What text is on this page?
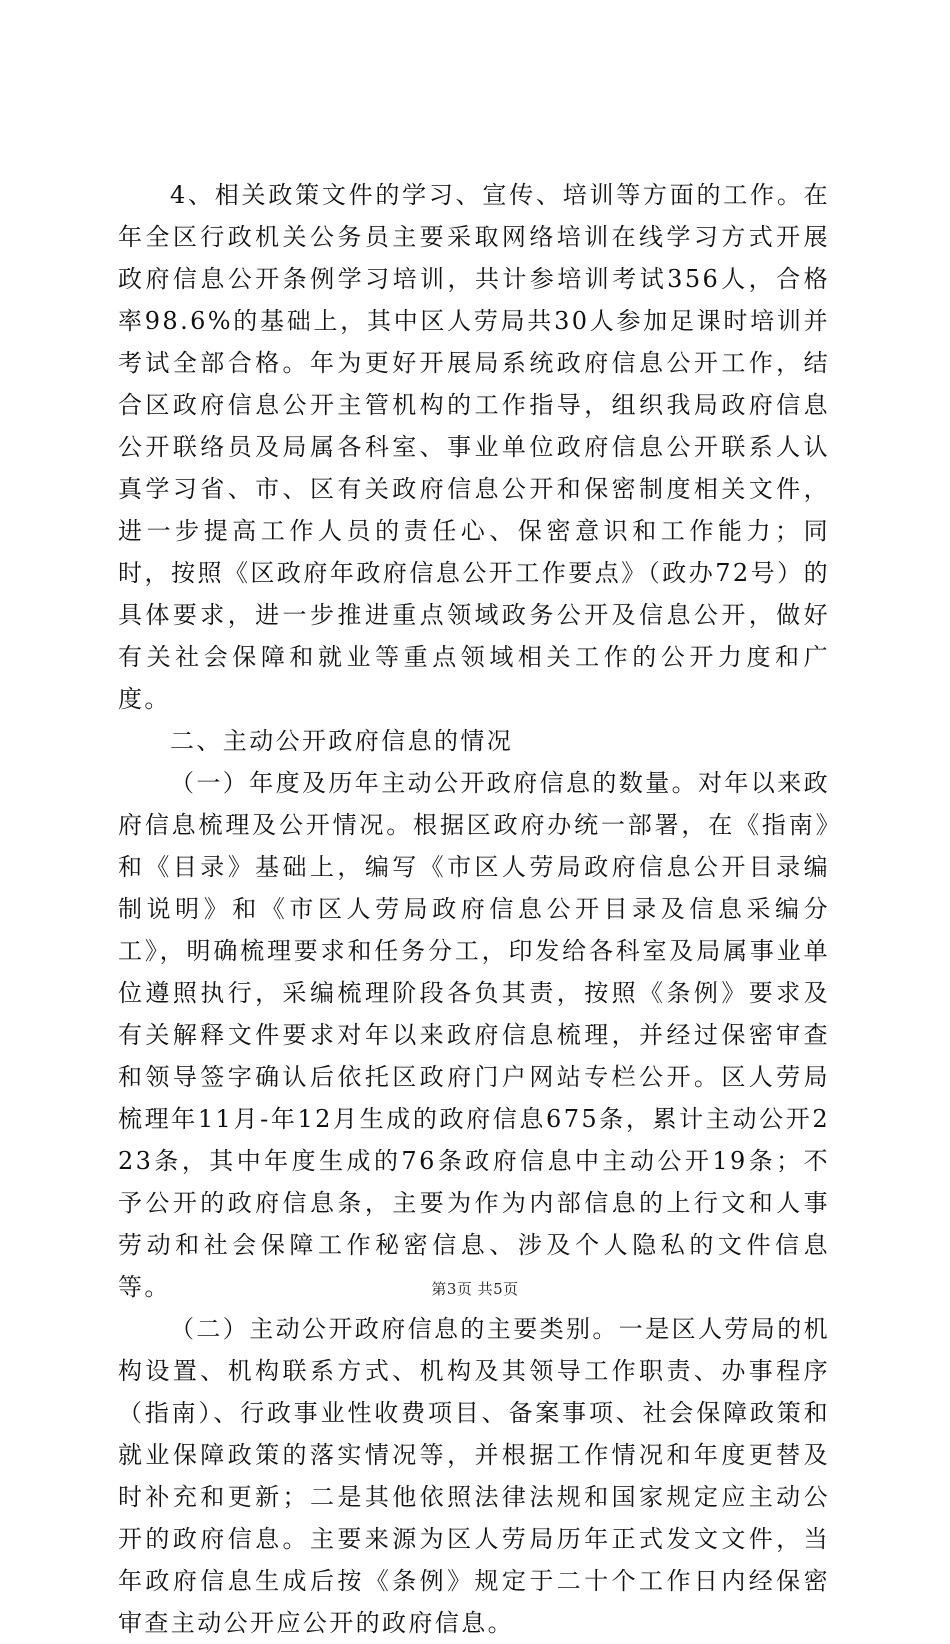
4、相关政策文件的学习、宣传、培训等方面的工作。在年全区行政机关公务员主要采取网络培训在线学习方式开展政府信息公开条例学习培训，共计参培训考试356人，合格率98.6%的基础上，其中区人劳局共30人参加足课时培训并考试全部合格。年为更好开展局系统政府信息公开工作，结合区政府信息公开主管机构的工作指导，组织我局政府信息公开联络员及局属各科室、事业单位政府信息公开联系人认真学习省、市、区有关政府信息公开和保密制度相关文件，进一步提高工作人员的责任心、保密意识和工作能力；同时，按照《区政府年政府信息公开工作要点》（政办72号）的具体要求，进一步推进重点领域政务公开及信息公开，做好有关社会保障和就业等重点领域相关工作的公开力度和广度。

二、主动公开政府信息的情况

（一）年度及历年主动公开政府信息的数量。对年以来政府信息梳理及公开情况。根据区政府办统一部署，在《指南》和《目录》基础上，编写《市区人劳局政府信息公开目录编制说明》和《市区人劳局政府信息公开目录及信息采编分工》，明确梳理要求和任务分工，印发给各科室及局属事业单位遵照执行，采编梳理阶段各负其责，按照《条例》要求及有关解释文件要求对年以来政府信息梳理，并经过保密审查和领导签字确认后依托区政府门户网站专栏公开。区人劳局梳理年11月-年12月生成的政府信息675条，累计主动公开223条，其中年度生成的76条政府信息中主动公开19条；不予公开的政府信息条，主要为作为内部信息的上行文和人事劳动和社会保障工作秘密信息、涉及个人隐私的文件信息等。

（二）主动公开政府信息的主要类别。一是区人劳局的机构设置、机构联系方式、机构及其领导工作职责、办事程序（指南）、行政事业性收费项目、备案事项、社会保障政策和就业保障政策的落实情况等，并根据工作情况和年度更替及时补充和更新；二是其他依照法律法规和国家规定应主动公开的政府信息。主要来源为区人劳局历年正式发文文件，当年政府信息生成后按《条例》规定于二十个工作日内经保密审查主动公开应公开的政府信息。

第3页 共5页
